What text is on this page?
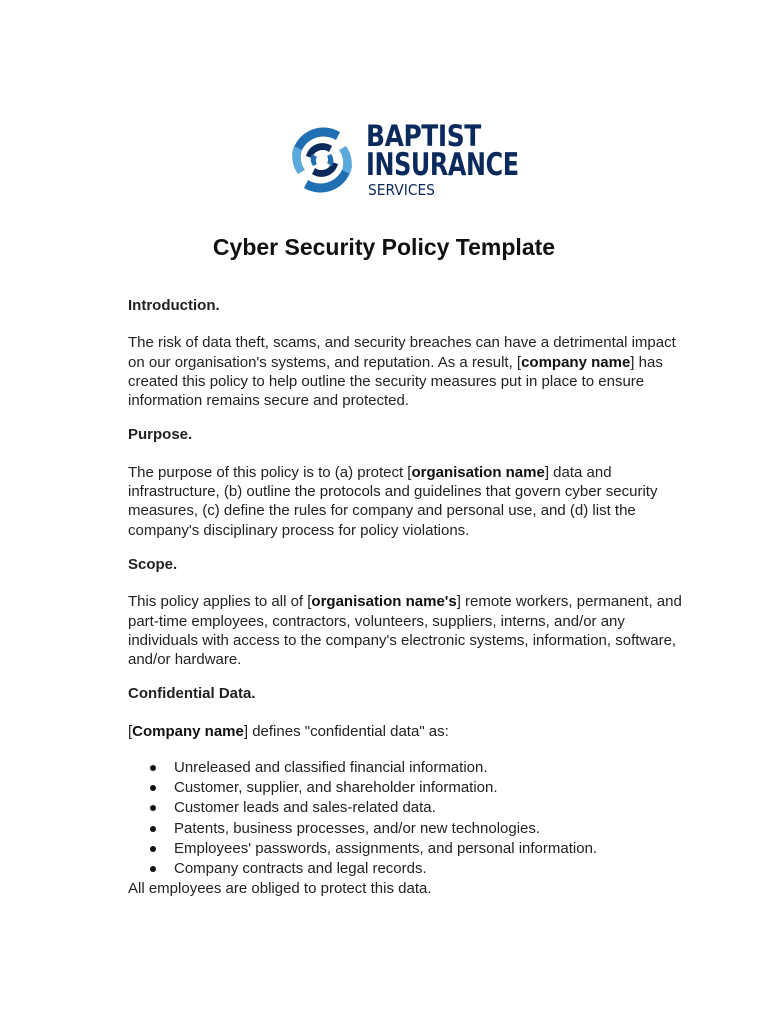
BAPTIST
INSURANCE
SERVICES
Cyber Security Policy Template

Introduction.

The risk of data theft, scams, and security breaches can have a detrimental impact on our organisation's systems, and reputation. As a result, [company name] has created this policy to help outline the security measures put in place to ensure information remains secure and protected.

Purpose.

The purpose of this policy is to (a) protect [organisation name] data and infrastructure, (b) outline the protocols and guidelines that govern cyber security measures, (c) define the rules for company and personal use, and (d) list the company's disciplinary process for policy violations.

Scope.

This policy applies to all of [organisation name's] remote workers, permanent, and part-time employees, contractors, volunteers, suppliers, interns, and/or any individuals with access to the company's electronic systems, information, software, and/or hardware.

Confidential Data.

[Company name] defines "confidential data" as:

Unreleased and classified financial information.
Customer, supplier, and shareholder information.
Customer leads and sales-related data.
Patents, business processes, and/or new technologies.
Employees' passwords, assignments, and personal information.
Company contracts and legal records.

All employees are obliged to protect this data.
